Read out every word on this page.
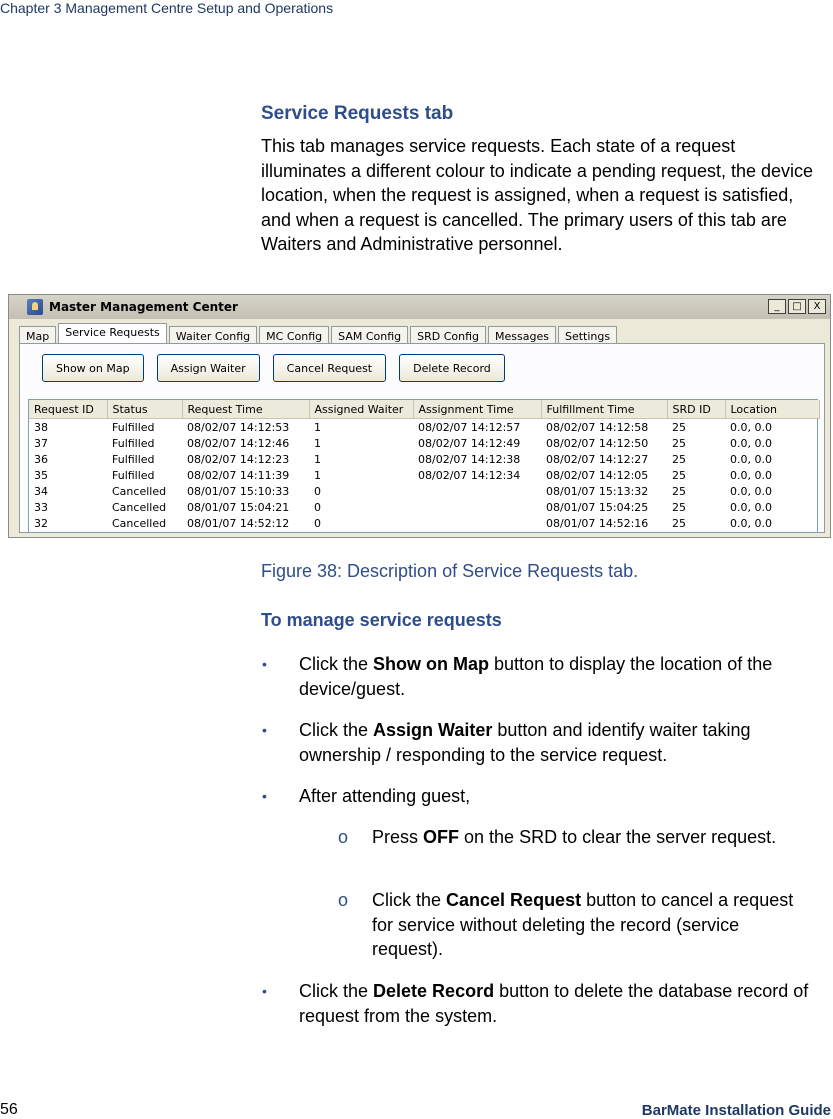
Chapter 3 Management Centre Setup and Operations
Service Requests tab

This tab manages service requests. Each state of a request illuminates a different colour to indicate a pending request, the device location, when the request is assigned, when a request is satisfied, and when a request is cancelled. The primary users of this tab are Waiters and Administrative personnel.

Master Management Center	_	□	X
Map	Service Requests	Waiter Config	MC Config	SAM Config	SRD Config	Messages	Settings
Show on Map	Assign Waiter	Cancel Request	Delete Record
Request ID	Status	Request Time	Assigned Waiter	Assignment Time	Fulfillment Time	SRD ID	Location
38	Fulfilled	08/02/07 14:12:53	1	08/02/07 14:12:57	08/02/07 14:12:58	25	0.0, 0.0
37	Fulfilled	08/02/07 14:12:46	1	08/02/07 14:12:49	08/02/07 14:12:50	25	0.0, 0.0
36	Fulfilled	08/02/07 14:12:23	1	08/02/07 14:12:38	08/02/07 14:12:27	25	0.0, 0.0
35	Fulfilled	08/02/07 14:11:39	1	08/02/07 14:12:34	08/02/07 14:12:05	25	0.0, 0.0
34	Cancelled	08/01/07 15:10:33	0		08/01/07 15:13:32	25	0.0, 0.0
33	Cancelled	08/01/07 15:04:21	0		08/01/07 15:04:25	25	0.0, 0.0
32	Cancelled	08/01/07 14:52:12	0		08/01/07 14:52:16	25	0.0, 0.0
Figure 38: Description of Service Requests tab.
To manage service requests
• Click the Show on Map button to display the location of the device/guest.
• Click the Assign Waiter button and identify waiter taking ownership / responding to the service request.
• After attending guest,
o Press OFF on the SRD to clear the server request.
o Click the Cancel Request button to cancel a request for service without deleting the record (service request).
• Click the Delete Record button to delete the database record of request from the system.
56	BarMate Installation Guide
